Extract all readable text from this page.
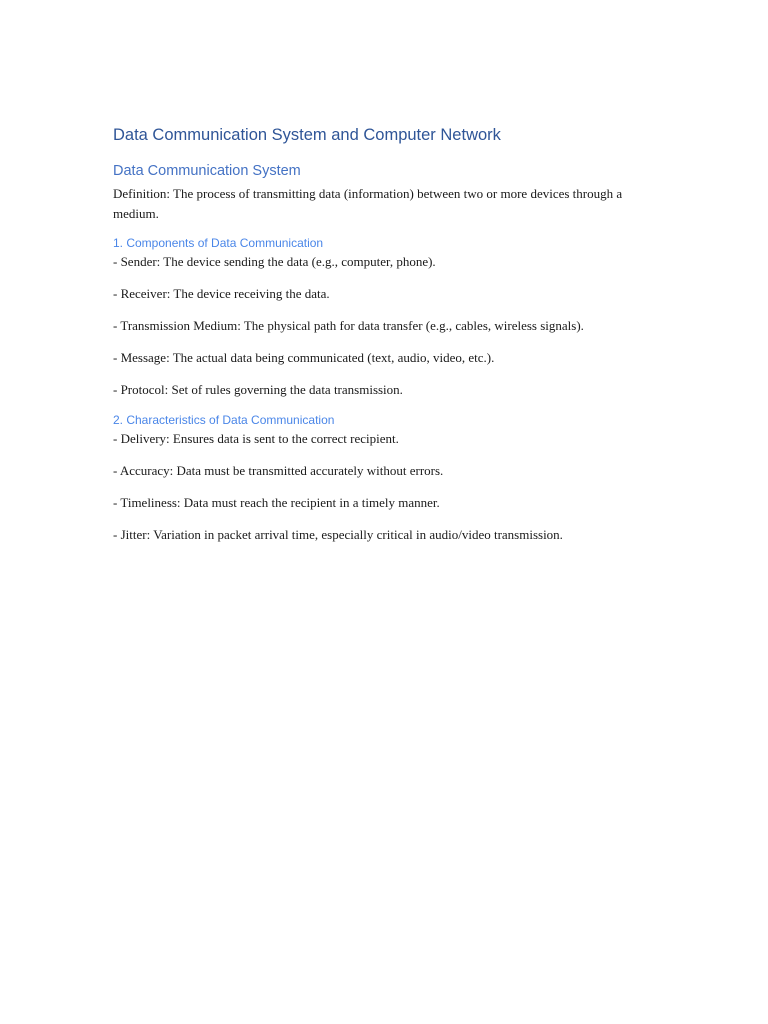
Data Communication System and Computer Network
Data Communication System

Definition: The process of transmitting data (information) between two or more devices through a medium.

1. Components of Data Communication

- Sender: The device sending the data (e.g., computer, phone).

- Receiver: The device receiving the data.

- Transmission Medium: The physical path for data transfer (e.g., cables, wireless signals).

- Message: The actual data being communicated (text, audio, video, etc.).

- Protocol: Set of rules governing the data transmission.

2. Characteristics of Data Communication

- Delivery: Ensures data is sent to the correct recipient.

- Accuracy: Data must be transmitted accurately without errors.

- Timeliness: Data must reach the recipient in a timely manner.

- Jitter: Variation in packet arrival time, especially critical in audio/video transmission.
